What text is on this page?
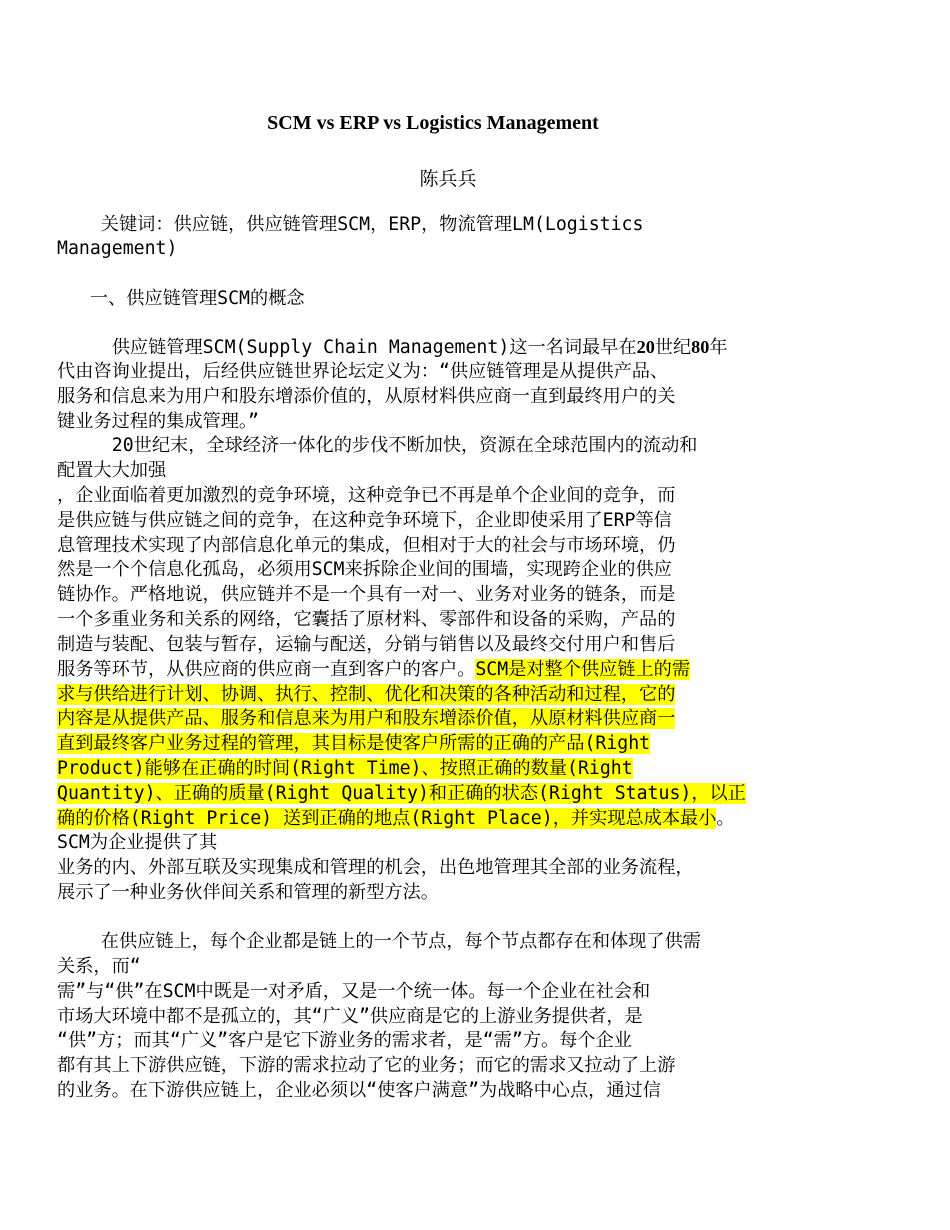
SCM vs ERP vs Logistics Management
陈兵兵
关键词：供应链，供应链管理SCM，ERP，物流管理LM(Logistics
Management)
一、供应链管理SCM的概念
供应链管理SCM(Supply Chain Management)这一名词最早在20世纪80年
代由咨询业提出，后经供应链世界论坛定义为：“供应链管理是从提供产品、
服务和信息来为用户和股东增添价值的，从原材料供应商一直到最终用户的关
键业务过程的集成管理。”
20世纪末，全球经济一体化的步伐不断加快，资源在全球范围内的流动和
配置大大加强
，企业面临着更加激烈的竞争环境，这种竞争已不再是单个企业间的竞争，而
是供应链与供应链之间的竞争，在这种竞争环境下，企业即使采用了ERP等信
息管理技术实现了内部信息化单元的集成，但相对于大的社会与市场环境，仍
然是一个个信息化孤岛，必须用SCM来拆除企业间的围墙，实现跨企业的供应
链协作。严格地说，供应链并不是一个具有一对一、业务对业务的链条，而是
一个多重业务和关系的网络，它囊括了原材料、零部件和设备的采购，产品的
制造与装配、包装与暂存，运输与配送，分销与销售以及最终交付用户和售后
服务等环节，从供应商的供应商一直到客户的客户。SCM是对整个供应链上的需
求与供给进行计划、协调、执行、控制、优化和决策的各种活动和过程，它的
内容是从提供产品、服务和信息来为用户和股东增添价值，从原材料供应商一
直到最终客户业务过程的管理，其目标是使客户所需的正确的产品(Right
Product)能够在正确的时间(Right Time)、按照正确的数量(Right
Quantity)、正确的质量(Right Quality)和正确的状态(Right Status)，以正
确的价格(Right Price) 送到正确的地点(Right Place)，并实现总成本最小。
SCM为企业提供了其
业务的内、外部互联及实现集成和管理的机会，出色地管理其全部的业务流程，
展示了一种业务伙伴间关系和管理的新型方法。
在供应链上，每个企业都是链上的一个节点，每个节点都存在和体现了供需
关系，而“
需”与“供”在SCM中既是一对矛盾，又是一个统一体。每一个企业在社会和
市场大环境中都不是孤立的，其“广义”供应商是它的上游业务提供者，是
“供”方；而其“广义”客户是它下游业务的需求者，是“需”方。每个企业
都有其上下游供应链，下游的需求拉动了它的业务；而它的需求又拉动了上游
的业务。在下游供应链上，企业必须以“使客户满意”为战略中心点，通过信
